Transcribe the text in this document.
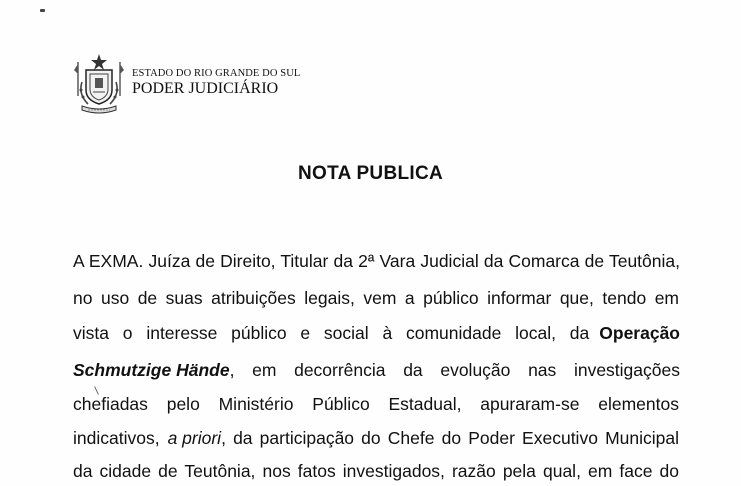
ESTADO DO RIO GRANDE DO SUL
PODER JUDICIÁRIO
NOTA PUBLICA
A EXMA. Juíza de Direito, Titular da 2ª Vara Judicial da Comarca de Teutônia,
no uso de suas atribuições legais, vem a público informar que, tendo em
vista o interesse público e social à comunidade local, da Operação
Schmutzige Hände , em decorrência da evolução nas investigações
chefiadas pelo Ministério Público Estadual, apuraram-se elementos
indicativos, a priori , da participação do Chefe do Poder Executivo Municipal
da cidade de Teutônia, nos fatos investigados, razão pela qual, em face do
